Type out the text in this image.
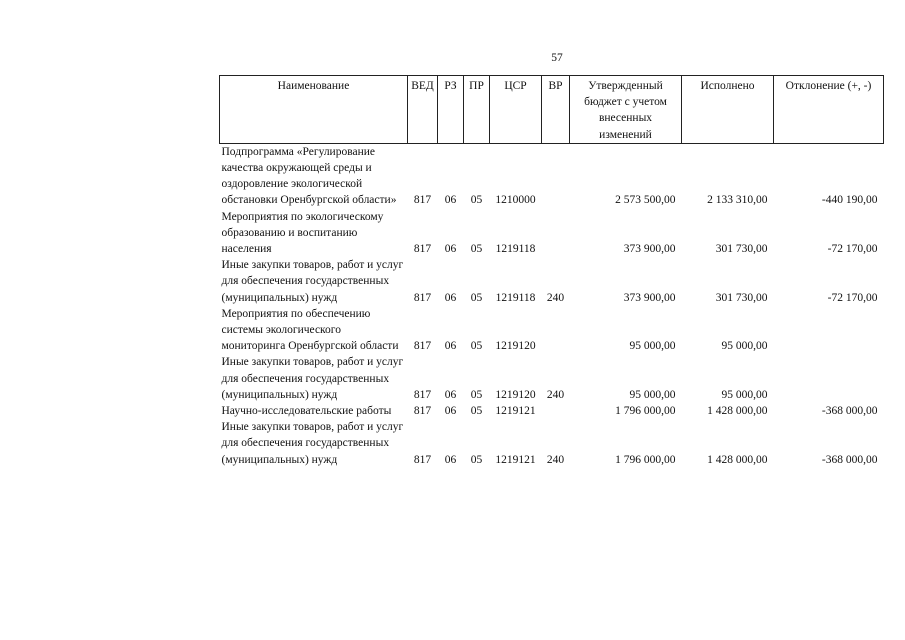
57
Наименование	ВЕД	РЗ	ПР	ЦСР	ВР	Утвержденный бюджет с учетом внесенных изменений	Исполнено	Отклонение (+, -)
Подпрограмма «Регулирование качества окружающей среды и оздоровление экологической обстановки Оренбургской области»	817	06	05	1210000		2 573 500,00	2 133 310,00	-440 190,00
Мероприятия по экологическому образованию и воспитанию населения	817	06	05	1219118		373 900,00	301 730,00	-72 170,00
Иные закупки товаров, работ и услуг для обеспечения государственных (муниципальных) нужд	817	06	05	1219118	240	373 900,00	301 730,00	-72 170,00
Мероприятия по обеспечению системы экологического мониторинга Оренбургской области	817	06	05	1219120		95 000,00	95 000,00	
Иные закупки товаров, работ и услуг для обеспечения государственных (муниципальных) нужд	817	06	05	1219120	240	95 000,00	95 000,00	
Научно-исследовательские работы	817	06	05	1219121		1 796 000,00	1 428 000,00	-368 000,00
Иные закупки товаров, работ и услуг для обеспечения государственных (муниципальных) нужд	817	06	05	1219121	240	1 796 000,00	1 428 000,00	-368 000,00
